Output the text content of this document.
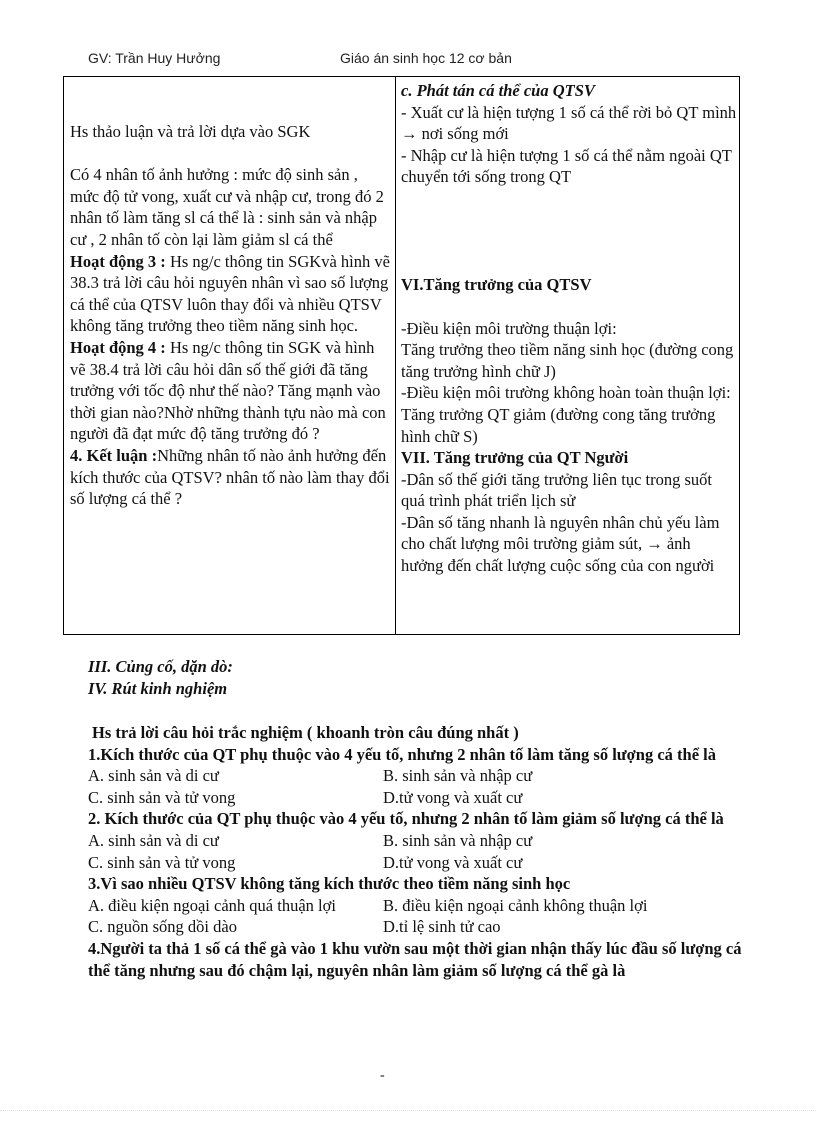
GV: Trần Huy Hưởng	Giáo án sinh học 12 cơ bản

Hs thảo luận và trả lời dựa vào SGK

Có 4 nhân tố ảnh hưởng : mức độ sinh sản , mức độ tử vong, xuất cư và nhập cư, trong đó 2 nhân tố làm tăng sl cá thể là : sinh sản và nhập cư , 2 nhân tố còn lại làm giảm sl cá thể

Hoạt động 3 : Hs ng/c thông tin SGKvà hình vẽ 38.3 trả lời câu hỏi nguyên nhân vì sao số lượng cá thể của QTSV luôn thay đổi và nhiều QTSV không tăng trưởng theo tiềm năng sinh học.

Hoạt động 4 : Hs ng/c thông tin SGK và hình vẽ 38.4 trả lời câu hỏi dân số thế giới đã tăng trưởng với tốc độ như thế nào? Tăng mạnh vào thời gian nào?Nhờ những thành tựu nào mà con người đã đạt mức độ tăng trưởng đó ?

4. Kết luận :Những nhân tố nào ảnh hưởng đến kích thước của QTSV? nhân tố nào làm thay đổi số lượng cá thể ?

c. Phát tán cá thể của QTSV

- Xuất cư là hiện tượng 1 số cá thể rời bỏ QT mình → nơi sống mới

- Nhập cư là hiện tượng 1 số cá thể nằm ngoài QT chuyển tới sống trong QT

VI.Tăng trưởng của QTSV

-Điều kiện môi trường thuận lợi:

Tăng trưởng theo tiềm năng sinh học (đường cong tăng trưởng hình chữ J)

-Điều kiện môi trường không hoàn toàn thuận lợi:

Tăng trưởng QT giảm (đường cong tăng trưởng hình chữ S)

VII. Tăng trưởng của QT Người

-Dân số thế giới tăng trưởng liên tục trong suốt quá trình phát triển lịch sử

-Dân số tăng nhanh là nguyên nhân chủ yếu làm cho chất lượng môi trường giảm sút, → ảnh hưởng đến chất lượng cuộc sống của con người

III. Củng cố, dặn dò:

IV. Rút kinh nghiệm

Hs trả lời câu hỏi trắc nghiệm ( khoanh tròn câu đúng nhất )

1.Kích thước của QT phụ thuộc vào 4 yếu tố, nhưng 2 nhân tố làm tăng số lượng cá thể là

A. sinh sản và di cư	B. sinh sản và nhập cư
C. sinh sản và tử vong	D.tử vong và xuất cư

2. Kích thước của QT phụ thuộc vào 4 yếu tố, nhưng 2 nhân tố làm giảm số lượng cá thể là

A. sinh sản và di cư	B. sinh sản và nhập cư
C. sinh sản và tử vong	D.tử vong và xuất cư

3.Vì sao nhiều QTSV không tăng kích thước theo tiềm năng sinh học

A. điều kiện ngoại cảnh quá thuận lợi	B. điều kiện ngoại cảnh không thuận lợi
C. nguồn sống dồi dào	D.tỉ lệ sinh tử cao

4.Người ta thả 1 số cá thể gà vào 1 khu vườn sau một thời gian nhận thấy lúc đầu số lượng cá thể tăng nhưng sau đó chậm lại, nguyên nhân làm giảm số lượng cá thể gà là

-
